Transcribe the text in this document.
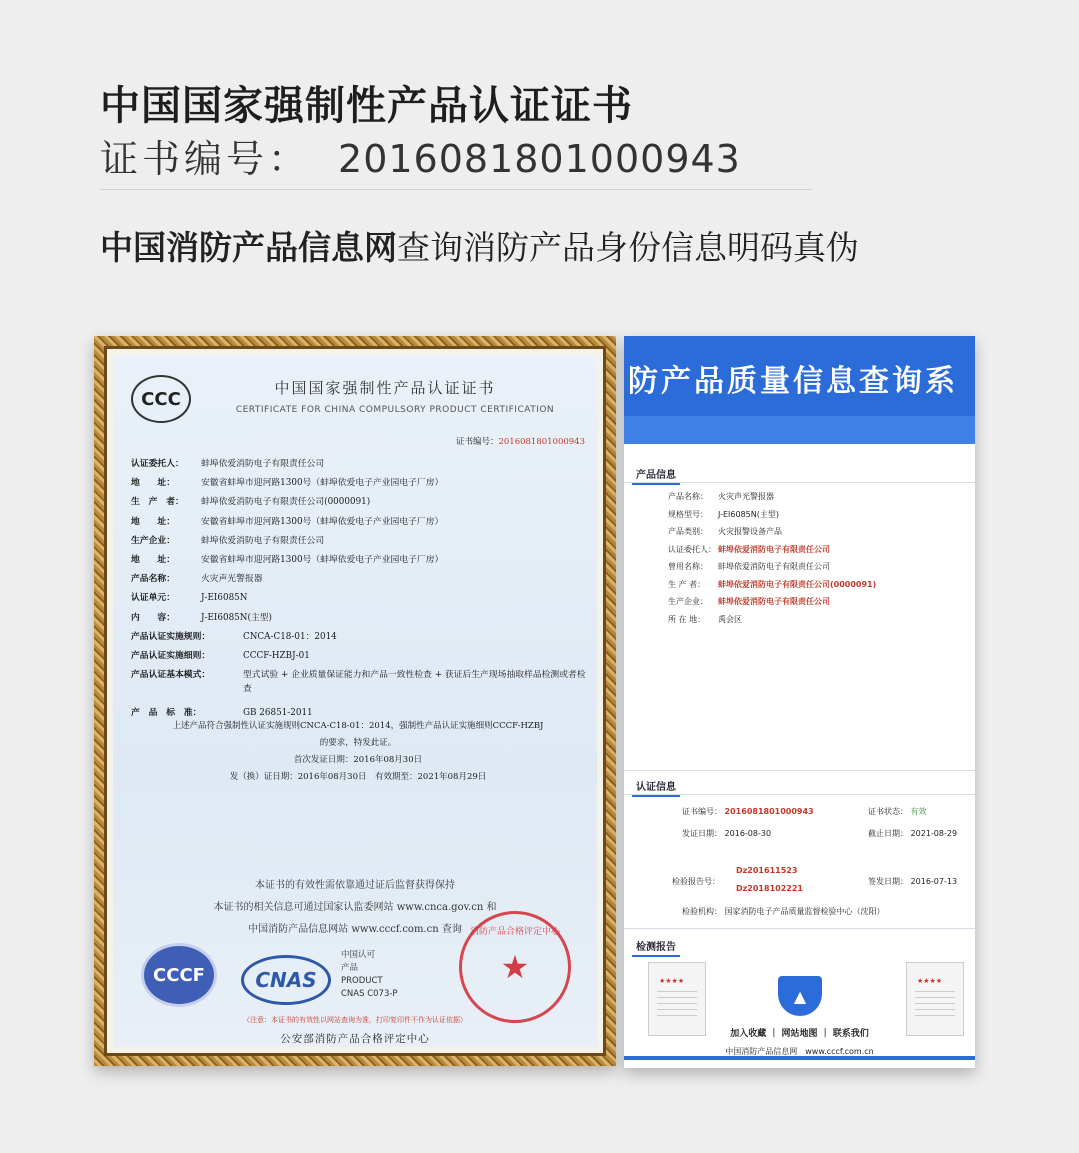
中国国家强制性产品认证证书
证书编号： 2016081801000943
中国消防产品信息网查询消防产品身份信息明码真伪
CCC
中国国家强制性产品认证证书
CERTIFICATE FOR CHINA COMPULSORY PRODUCT CERTIFICATION
证书编号：2016081801000943
认证委托人：	蚌埠依爱消防电子有限责任公司
地　　址：	安徽省蚌埠市迎河路1300号（蚌埠依爱电子产业园电子厂房）
生　产　者：	蚌埠依爱消防电子有限责任公司(0000091)
地　　址：	安徽省蚌埠市迎河路1300号（蚌埠依爱电子产业园电子厂房）
生产企业：	蚌埠依爱消防电子有限责任公司
地　　址：	安徽省蚌埠市迎河路1300号（蚌埠依爱电子产业园电子厂房）
产品名称：	火灾声光警报器
认证单元：	J-EI6085N
内　　容：	J-EI6085N(主型)
产品认证实施规则：	CNCA-C18-01：2014
产品认证实施细则：	CCCF-HZBJ-01
产品认证基本模式：	型式试验 + 企业质量保证能力和产品一致性检查 + 获证后生产现场抽取样品检测或者检查
产　品　标　准：	GB 26851-2011
上述产品符合强制性认证实施规则CNCA-C18-01：2014，强制性产品认证实施细则CCCF-HZBJ
的要求，特发此证。
首次发证日期：2016年08月30日
发（换）证日期：2016年08月30日　有效期至：2021年08月29日
本证书的有效性需依靠通过证后监督获得保持
本证书的相关信息可通过国家认监委网站 www.cnca.gov.cn 和
中国消防产品信息网站 www.cccf.com.cn 查询
CCCF	CNAS
中国认可
产品
PRODUCT
CNAS C073-P
消防产品合格评定中心
★
（注意：本证书的有效性以网站查询为准，打印复印件不作为认证依据）
公安部消防产品合格评定中心
防产品质量信息查询系
产品信息
产品名称： 火灾声光警报器
规格型号： J-EI6085N(主型)
产品类别： 火灾报警设备产品
认证委托人： 蚌埠依爱消防电子有限责任公司
曾用名称： 蚌埠依爱消防电子有限责任公司
生 产 者： 蚌埠依爱消防电子有限责任公司(0000091)
生产企业： 蚌埠依爱消防电子有限责任公司
所 在 地： 禹会区
认证信息
证书编号： 2016081801000943	证书状态： 有效
发证日期： 2016-08-30	截止日期： 2021-08-29
检验报告号：
Dz201611523
Dz2018102221
签发日期： 2016-07-13
检验机构： 国家消防电子产品质量监督检验中心（沈阳）
检测报告
★★★★	★★★★
▲
加入收藏 ｜ 网站地图 ｜ 联系我们
中国消防产品信息网　www.cccf.com.cn
